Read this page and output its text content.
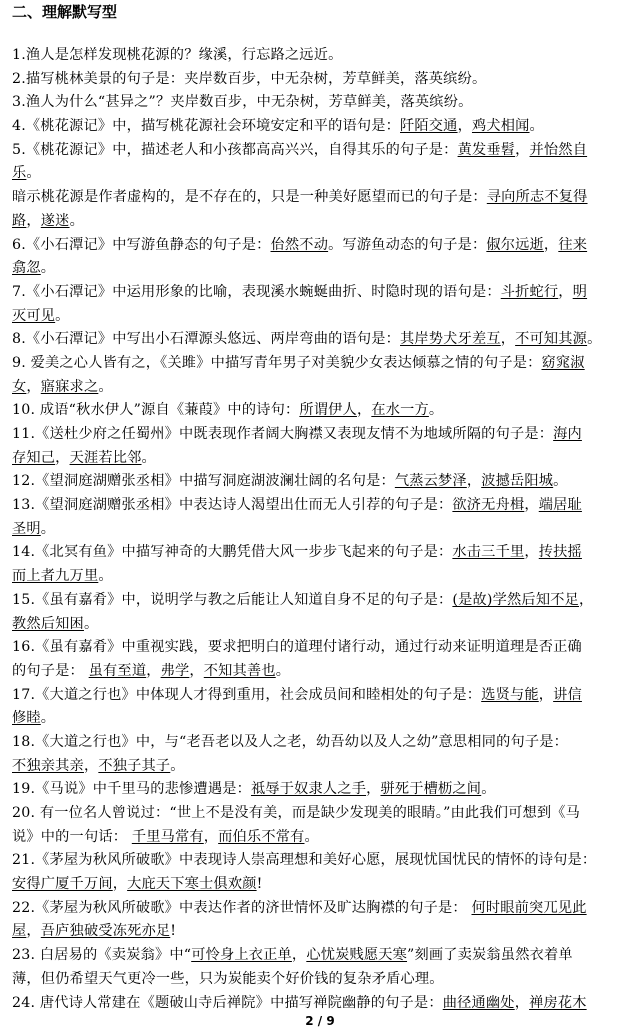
二、理解默写型
1.渔人是怎样发现桃花源的？缘溪，行忘路之远近。
2.描写桃林美景的句子是：夹岸数百步，中无杂树，芳草鲜美，落英缤纷。
3.渔人为什么“甚异之”？夹岸数百步，中无杂树，芳草鲜美，落英缤纷。
4.《桃花源记》中，描写桃花源社会环境安定和平的语句是：阡陌交通，鸡犬相闻。
5.《桃花源记》中，描述老人和小孩都高高兴兴，自得其乐的句子是：黄发垂髫，并怡然自
乐。
暗示桃花源是作者虚构的，是不存在的，只是一种美好愿望而已的句子是：寻向所志不复得
路，遂迷。
6.《小石潭记》中写游鱼静态的句子是：佁然不动。写游鱼动态的句子是：俶尔远逝，往来
翕忽。
7.《小石潭记》中运用形象的比喻，表现溪水蜿蜒曲折、时隐时现的语句是：斗折蛇行，明
灭可见。
8.《小石潭记》中写出小石潭源头悠远、两岸弯曲的语句是：其岸势犬牙差互，不可知其源。
9. 爱美之心人皆有之，《关雎》中描写青年男子对美貌少女表达倾慕之情的句子是：窈窕淑
女，寤寐求之。
10. 成语“秋水伊人”源自《蒹葭》中的诗句：所谓伊人，在水一方。
11.《送杜少府之任蜀州》中既表现作者阔大胸襟又表现友情不为地域所隔的句子是：海内
存知己，天涯若比邻。
12.《望洞庭湖赠张丞相》中描写洞庭湖波澜壮阔的名句是：气蒸云梦泽，波撼岳阳城。
13.《望洞庭湖赠张丞相》中表达诗人渴望出仕而无人引荐的句子是：欲济无舟楫，端居耻
圣明。
14.《北冥有鱼》中描写神奇的大鹏凭借大风一步步飞起来的句子是：水击三千里，抟扶摇
而上者九万里。
15.《虽有嘉肴》中，说明学与教之后能让人知道自身不足的句子是：(是故)学然后知不足，
教然后知困。
16.《虽有嘉肴》中重视实践，要求把明白的道理付诸行动，通过行动来证明道理是否正确
的句子是： 虽有至道，弗学，不知其善也。
17.《大道之行也》中体现人才得到重用，社会成员间和睦相处的句子是：选贤与能，讲信
修睦。
18.《大道之行也》中，与“老吾老以及人之老，幼吾幼以及人之幼”意思相同的句子是：
不独亲其亲，不独子其子。
19.《马说》中千里马的悲惨遭遇是：祗辱于奴隶人之手，骈死于槽枥之间。
20. 有一位名人曾说过：“世上不是没有美，而是缺少发现美的眼睛。”由此我们可想到《马
说》中的一句话： 千里马常有，而伯乐不常有。
21.《茅屋为秋风所破歌》中表现诗人崇高理想和美好心愿，展现忧国忧民的情怀的诗句是：
安得广厦千万间，大庇天下寒士俱欢颜!
22.《茅屋为秋风所破歌》中表达作者的济世情怀及旷达胸襟的句子是： 何时眼前突兀见此
屋，吾庐独破受冻死亦足!
23. 白居易的《卖炭翁》中“可怜身上衣正单，心忧炭贱愿天寒”刻画了卖炭翁虽然衣着单
薄，但仍希望天气更冷一些，只为炭能卖个好价钱的复杂矛盾心理。
24. 唐代诗人常建在《题破山寺后禅院》中描写禅院幽静的句子是：曲径通幽处，禅房花木
2 / 9
